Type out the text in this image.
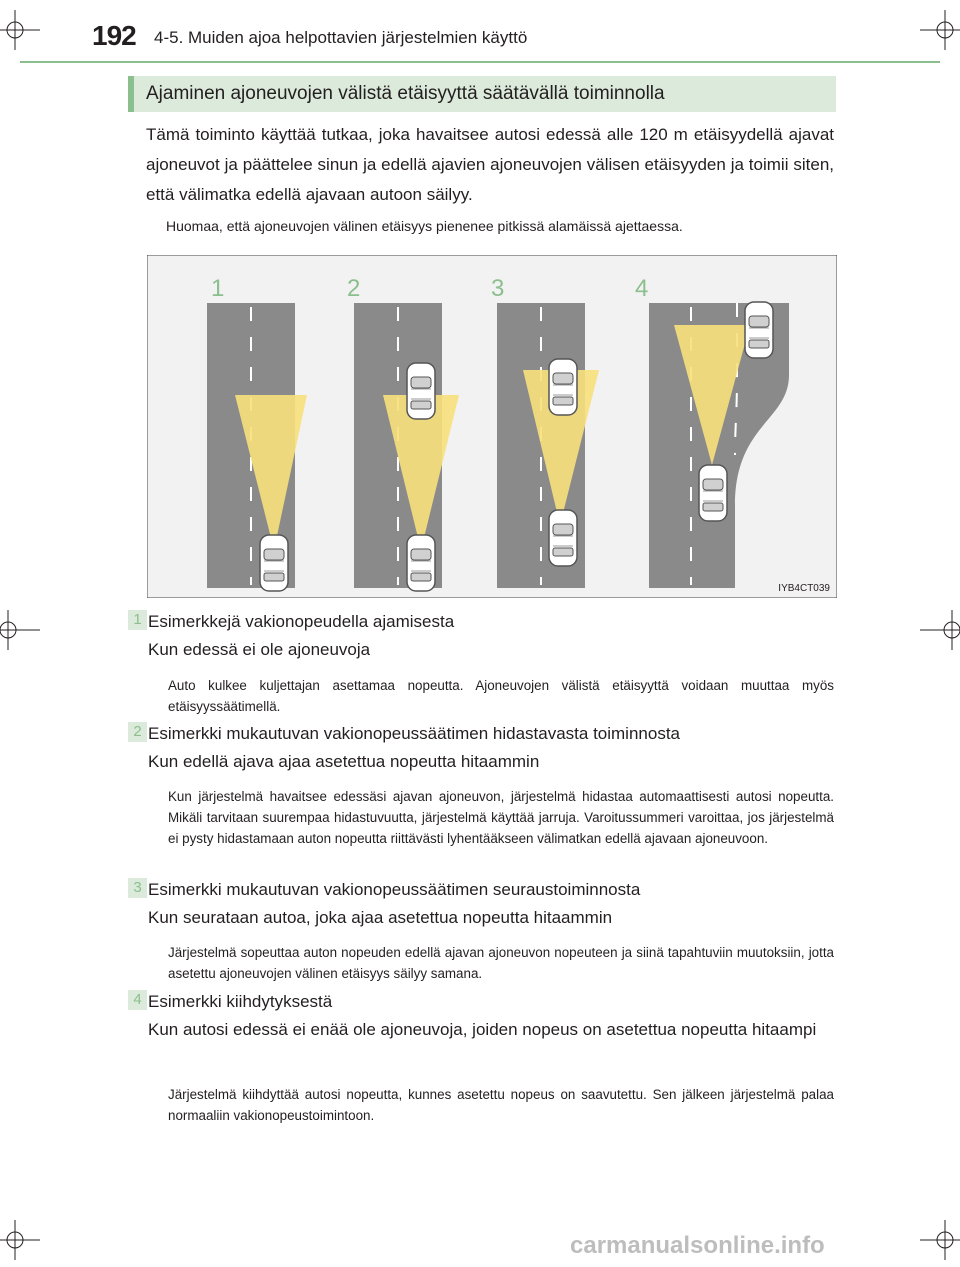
192 4-5. Muiden ajoa helpottavien järjestelmien käyttö
Ajaminen ajoneuvojen välistä etäisyyttä säätävällä toiminnolla
Tämä toiminto käyttää tutkaa, joka havaitsee autosi edessä alle 120 m etäisyydellä ajavat ajoneuvot ja päättelee sinun ja edellä ajavien ajoneuvojen välisen etäisyyden ja toimii siten, että välimatka edellä ajavaan autoon säilyy.
Huomaa, että ajoneuvojen välinen etäisyys pienenee pitkissä alamäissä ajettaessa.
1	2	3	4
IYB4CT039
1 Esimerkkejä vakionopeudella ajamisesta
Kun edessä ei ole ajoneuvoja
Auto kulkee kuljettajan asettamaa nopeutta. Ajoneuvojen välistä etäisyyttä voidaan muuttaa myös etäisyyssäätimellä.
2 Esimerkki mukautuvan vakionopeussäätimen hidastavasta toiminnosta
Kun edellä ajava ajaa asetettua nopeutta hitaammin
Kun järjestelmä havaitsee edessäsi ajavan ajoneuvon, järjestelmä hidastaa automaattisesti autosi nopeutta. Mikäli tarvitaan suurempaa hidastuvuutta, järjestelmä käyttää jarruja. Varoitussummeri varoittaa, jos järjestelmä ei pysty hidastamaan auton nopeutta riittävästi lyhentääkseen välimatkan edellä ajavaan ajoneuvoon.
3 Esimerkki mukautuvan vakionopeussäätimen seuraustoiminnosta
Kun seurataan autoa, joka ajaa asetettua nopeutta hitaammin
Järjestelmä sopeuttaa auton nopeuden edellä ajavan ajoneuvon nopeuteen ja siinä tapahtuviin muutoksiin, jotta asetettu ajoneuvojen välinen etäisyys säilyy samana.
4 Esimerkki kiihdytyksestä
Kun autosi edessä ei enää ole ajoneuvoja, joiden nopeus on asetettua nopeutta hitaampi
Järjestelmä kiihdyttää autosi nopeutta, kunnes asetettu nopeus on saavutettu. Sen jälkeen järjestelmä palaa normaaliin vakionopeustoimintoon.
carmanualsonline.info
